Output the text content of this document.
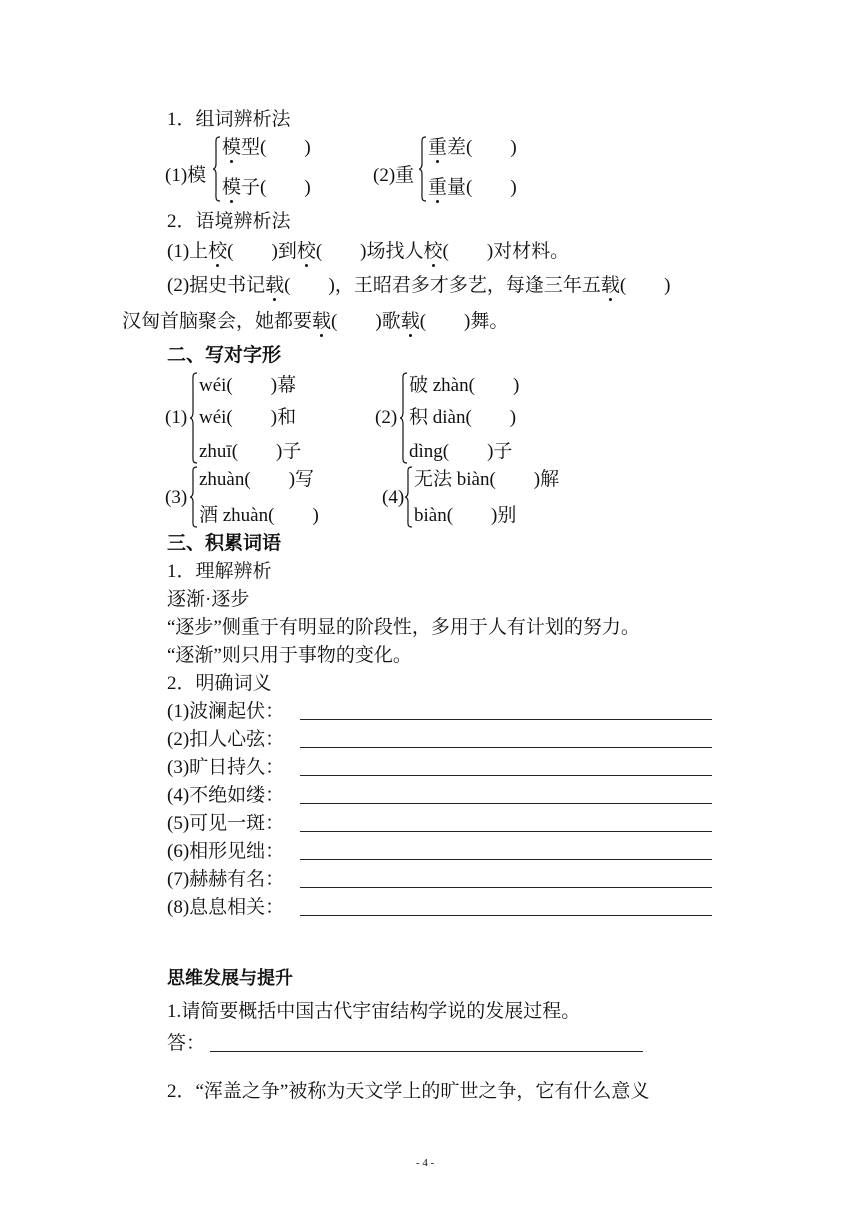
1．组词辨析法
(1)模
模型(　　)
模子(　　)
(2)重
重差(　　)
重量(　　)
2．语境辨析法
(1)上校(　　)到校(　　)场找人校(　　)对材料。
(2)据史书记载(　　)，王昭君多才多艺，每逢三年五载(　　)
汉匈首脑聚会，她都要载(　　)歌载(　　)舞。
二、写对字形
(1)
wéi(　　)幕
wéi(　　)和
zhuī(　　)子
(2)
破 zhàn(　　)
积 diàn(　　)
dìng(　　)子
(3)
zhuàn(　　)写
酒 zhuàn(　　)
(4)
无法 biàn(　　)解
biàn(　　)别
三、积累词语
1．理解辨析
逐渐·逐步
“逐步”侧重于有明显的阶段性，多用于人有计划的努力。
“逐渐”则只用于事物的变化。
2．明确词义
(1)波澜起伏：
(2)扣人心弦：
(3)旷日持久：
(4)不绝如缕：
(5)可见一斑：
(6)相形见绌：
(7)赫赫有名：
(8)息息相关：
思维发展与提升
1.请简要概括中国古代宇宙结构学说的发展过程。
答：
2．“浑盖之争”被称为天文学上的旷世之争，它有什么意义
- 4 -
